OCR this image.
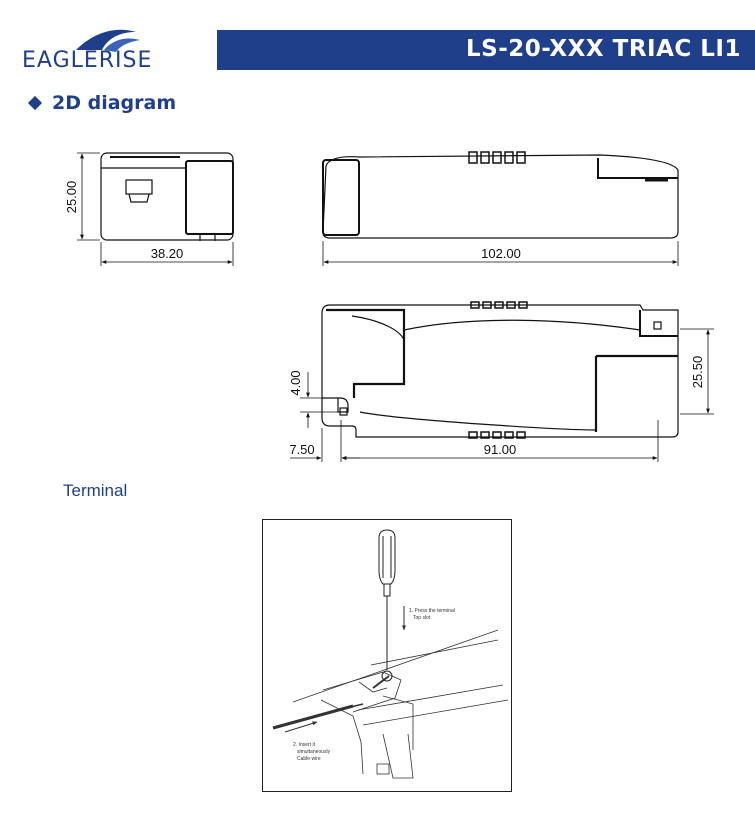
EAGLERISE	LS-20-XXX TRIAC LI1
2D diagram
25.00
38.20	102.00
4.00	25.50
7.50	91.00
Terminal
1. Press the terminal
Top slot
2. Insert it
simultaneously
Cable wire
